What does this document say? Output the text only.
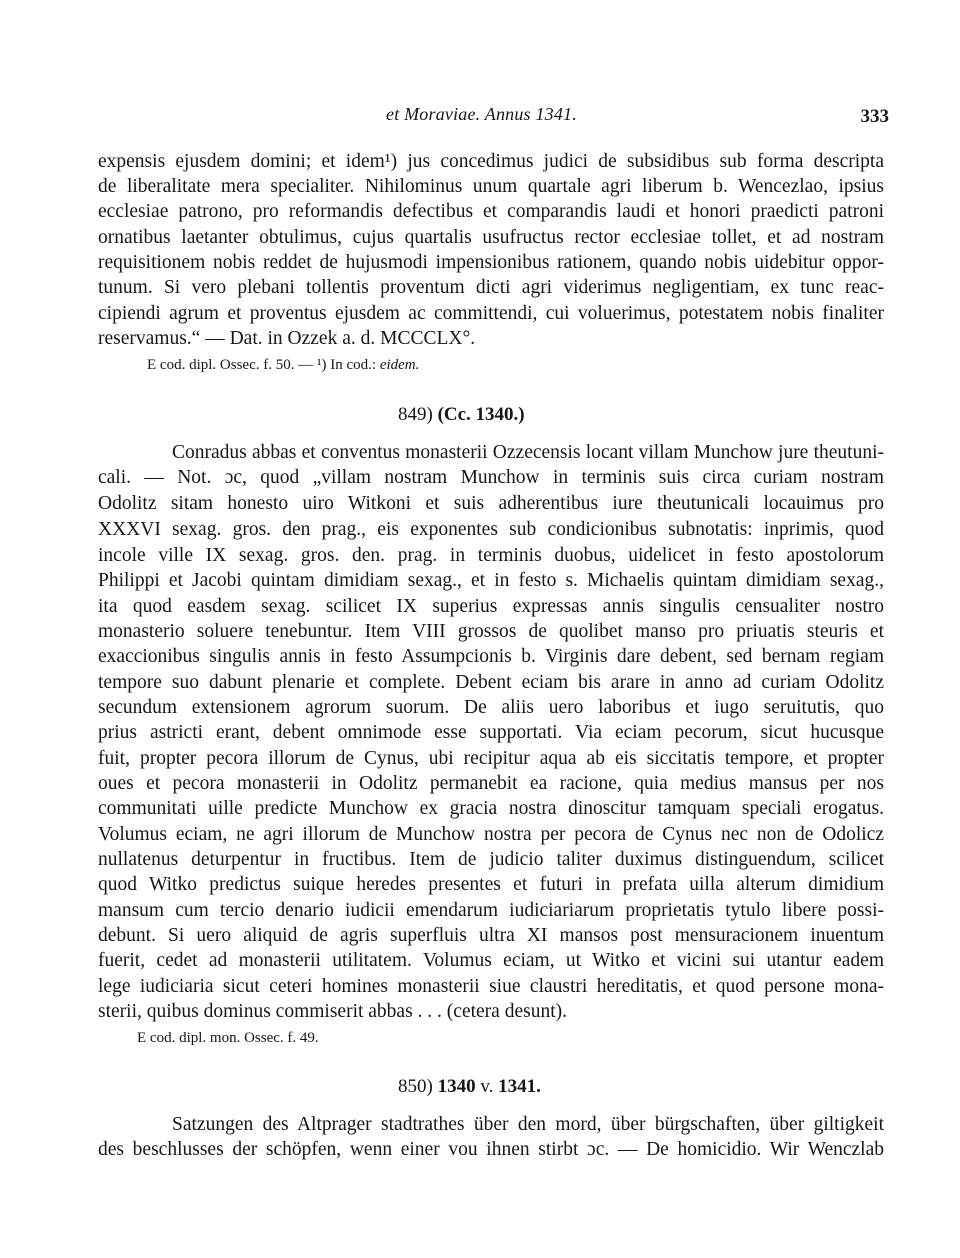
et Moraviae. Annus 1341.	333
expensis ejusdem domini; et idem¹) jus concedimus judici de subsidibus sub forma descripta
de liberalitate mera specialiter. Nihilominus unum quartale agri liberum b. Wencezlao, ipsius
ecclesiae patrono, pro reformandis defectibus et comparandis laudi et honori praedicti patroni
ornatibus laetanter obtulimus, cujus quartalis usufructus rector ecclesiae tollet, et ad nostram
requisitionem nobis reddet de hujusmodi impensionibus rationem, quando nobis uidebitur oppor-
tunum. Si vero plebani tollentis proventum dicti agri viderimus negligentiam, ex tunc reac-
cipiendi agrum et proventus ejusdem ac committendi, cui voluerimus, potestatem nobis finaliter
reservamus.“ — Dat. in Ozzek a. d. MCCCLX°.
E cod. dipl. Ossec. f. 50. — ¹) In cod.: eidem.
849) (Cc. 1340.)
Conradus abbas et conventus monasterii Ozzecensis locant villam Munchow jure theutuni-
cali. — Not. ɔc, quod „villam nostram Munchow in terminis suis circa curiam nostram
Odolitz sitam honesto uiro Witkoni et suis adherentibus iure theutunicali locauimus pro
XXXVI sexag. gros. den prag., eis exponentes sub condicionibus subnotatis: inprimis, quod
incole ville IX sexag. gros. den. prag. in terminis duobus, uidelicet in festo apostolorum
Philippi et Jacobi quintam dimidiam sexag., et in festo s. Michaelis quintam dimidiam sexag.,
ita quod easdem sexag. scilicet IX superius expressas annis singulis censualiter nostro
monasterio soluere tenebuntur. Item VIII grossos de quolibet manso pro priuatis steuris et
exaccionibus singulis annis in festo Assumpcionis b. Virginis dare debent, sed bernam regiam
tempore suo dabunt plenarie et complete. Debent eciam bis arare in anno ad curiam Odolitz
secundum extensionem agrorum suorum. De aliis uero laboribus et iugo seruitutis, quo
prius astricti erant, debent omnimode esse supportati. Via eciam pecorum, sicut hucusque
fuit, propter pecora illorum de Cynus, ubi recipitur aqua ab eis siccitatis tempore, et propter
oues et pecora monasterii in Odolitz permanebit ea racione, quia medius mansus per nos
communitati uille predicte Munchow ex gracia nostra dinoscitur tamquam speciali erogatus.
Volumus eciam, ne agri illorum de Munchow nostra per pecora de Cynus nec non de Odolicz
nullatenus deturpentur in fructibus. Item de judicio taliter duximus distinguendum, scilicet
quod Witko predictus suique heredes presentes et futuri in prefata uilla alterum dimidium
mansum cum tercio denario iudicii emendarum iudiciariarum proprietatis tytulo libere possi-
debunt. Si uero aliquid de agris superfluis ultra XI mansos post mensuracionem inuentum
fuerit, cedet ad monasterii utilitatem. Volumus eciam, ut Witko et vicini sui utantur eadem
lege iudiciaria sicut ceteri homines monasterii siue claustri hereditatis, et quod persone mona-
sterii, quibus dominus commiserit abbas . . . (cetera desunt).
E cod. dipl. mon. Ossec. f. 49.
850) 1340 v. 1341.
Satzungen des Altprager stadtrathes über den mord, über bürgschaften, über giltigkeit
des beschlusses der schöpfen, wenn einer vou ihnen stirbt ɔc. — De homicidio. Wir Wenczlab
